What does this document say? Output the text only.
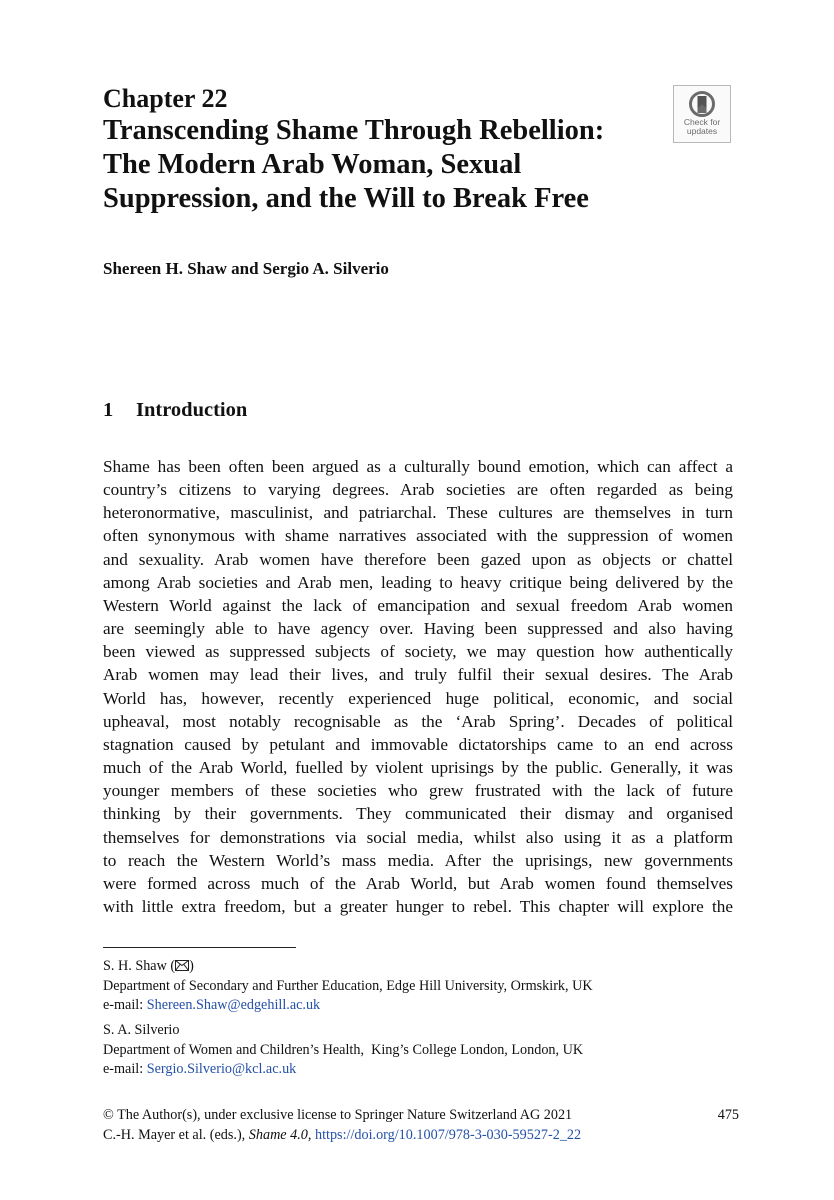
Chapter 22
Transcending Shame Through Rebellion:
The Modern Arab Woman, Sexual
Suppression, and the Will to Break Free
Check for
updates
Shereen H. Shaw and Sergio A. Silverio
1 Introduction
Shame has been often been argued as a culturally bound emotion, which can affect a
country’s citizens to varying degrees. Arab societies are often regarded as being
heteronormative, masculinist, and patriarchal. These cultures are themselves in turn
often synonymous with shame narratives associated with the suppression of women
and sexuality. Arab women have therefore been gazed upon as objects or chattel
among Arab societies and Arab men, leading to heavy critique being delivered by the
Western World against the lack of emancipation and sexual freedom Arab women
are seemingly able to have agency over. Having been suppressed and also having
been viewed as suppressed subjects of society, we may question how authentically
Arab women may lead their lives, and truly fulfil their sexual desires. The Arab
World has, however, recently experienced huge political, economic, and social
upheaval, most notably recognisable as the ‘Arab Spring’. Decades of political
stagnation caused by petulant and immovable dictatorships came to an end across
much of the Arab World, fuelled by violent uprisings by the public. Generally, it was
younger members of these societies who grew frustrated with the lack of future
thinking by their governments. They communicated their dismay and organised
themselves for demonstrations via social media, whilst also using it as a platform
to reach the Western World’s mass media. After the uprisings, new governments
were formed across much of the Arab World, but Arab women found themselves
with little extra freedom, but a greater hunger to rebel. This chapter will explore the
S. H. Shaw ( )
Department of Secondary and Further Education, Edge Hill University, Ormskirk, UK
e-mail: Shereen.Shaw@edgehill.ac.uk
S. A. Silverio
Department of Women and Children’s Health,  King’s College London, London, UK
e-mail: Sergio.Silverio@kcl.ac.uk
© The Author(s), under exclusive license to Springer Nature Switzerland AG 2021	475
C.-H. Mayer et al. (eds.), Shame 4.0, https://doi.org/10.1007/978-3-030-59527-2_22
